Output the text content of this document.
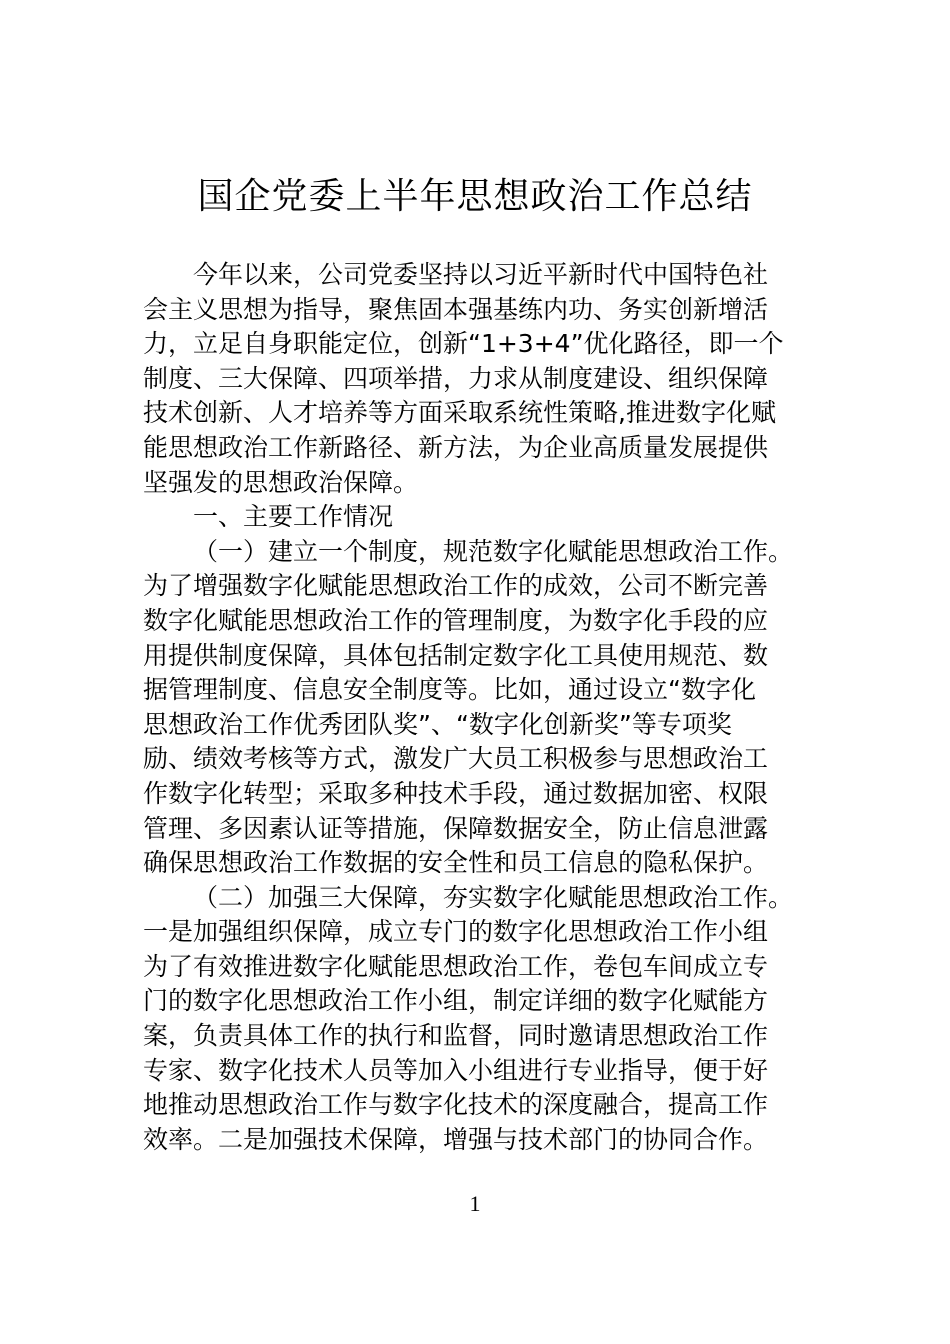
国企党委上半年思想政治工作总结
今年以来，公司党委坚持以习近平新时代中国特色社
会主义思想为指导，聚焦固本强基练内功、务实创新增活
力，立足自身职能定位，创新“1+3+4”优化路径，即一个
制度、三大保障、四项举措，力求从制度建设、组织保障
技术创新、人才培养等方面采取系统性策略,推进数字化赋
能思想政治工作新路径、新方法，为企业高质量发展提供
坚强发的思想政治保障。
一、主要工作情况
（一）建立一个制度，规范数字化赋能思想政治工作。
为了增强数字化赋能思想政治工作的成效，公司不断完善
数字化赋能思想政治工作的管理制度，为数字化手段的应
用提供制度保障，具体包括制定数字化工具使用规范、数
据管理制度、信息安全制度等。比如，通过设立“数字化
思想政治工作优秀团队奖”、“数字化创新奖”等专项奖
励、绩效考核等方式，激发广大员工积极参与思想政治工
作数字化转型；采取多种技术手段，通过数据加密、权限
管理、多因素认证等措施，保障数据安全，防止信息泄露
确保思想政治工作数据的安全性和员工信息的隐私保护。
（二）加强三大保障，夯实数字化赋能思想政治工作。
一是加强组织保障，成立专门的数字化思想政治工作小组
为了有效推进数字化赋能思想政治工作，卷包车间成立专
门的数字化思想政治工作小组，制定详细的数字化赋能方
案，负责具体工作的执行和监督，同时邀请思想政治工作
专家、数字化技术人员等加入小组进行专业指导，便于好
地推动思想政治工作与数字化技术的深度融合，提高工作
效率。二是加强技术保障，增强与技术部门的协同合作。
1
